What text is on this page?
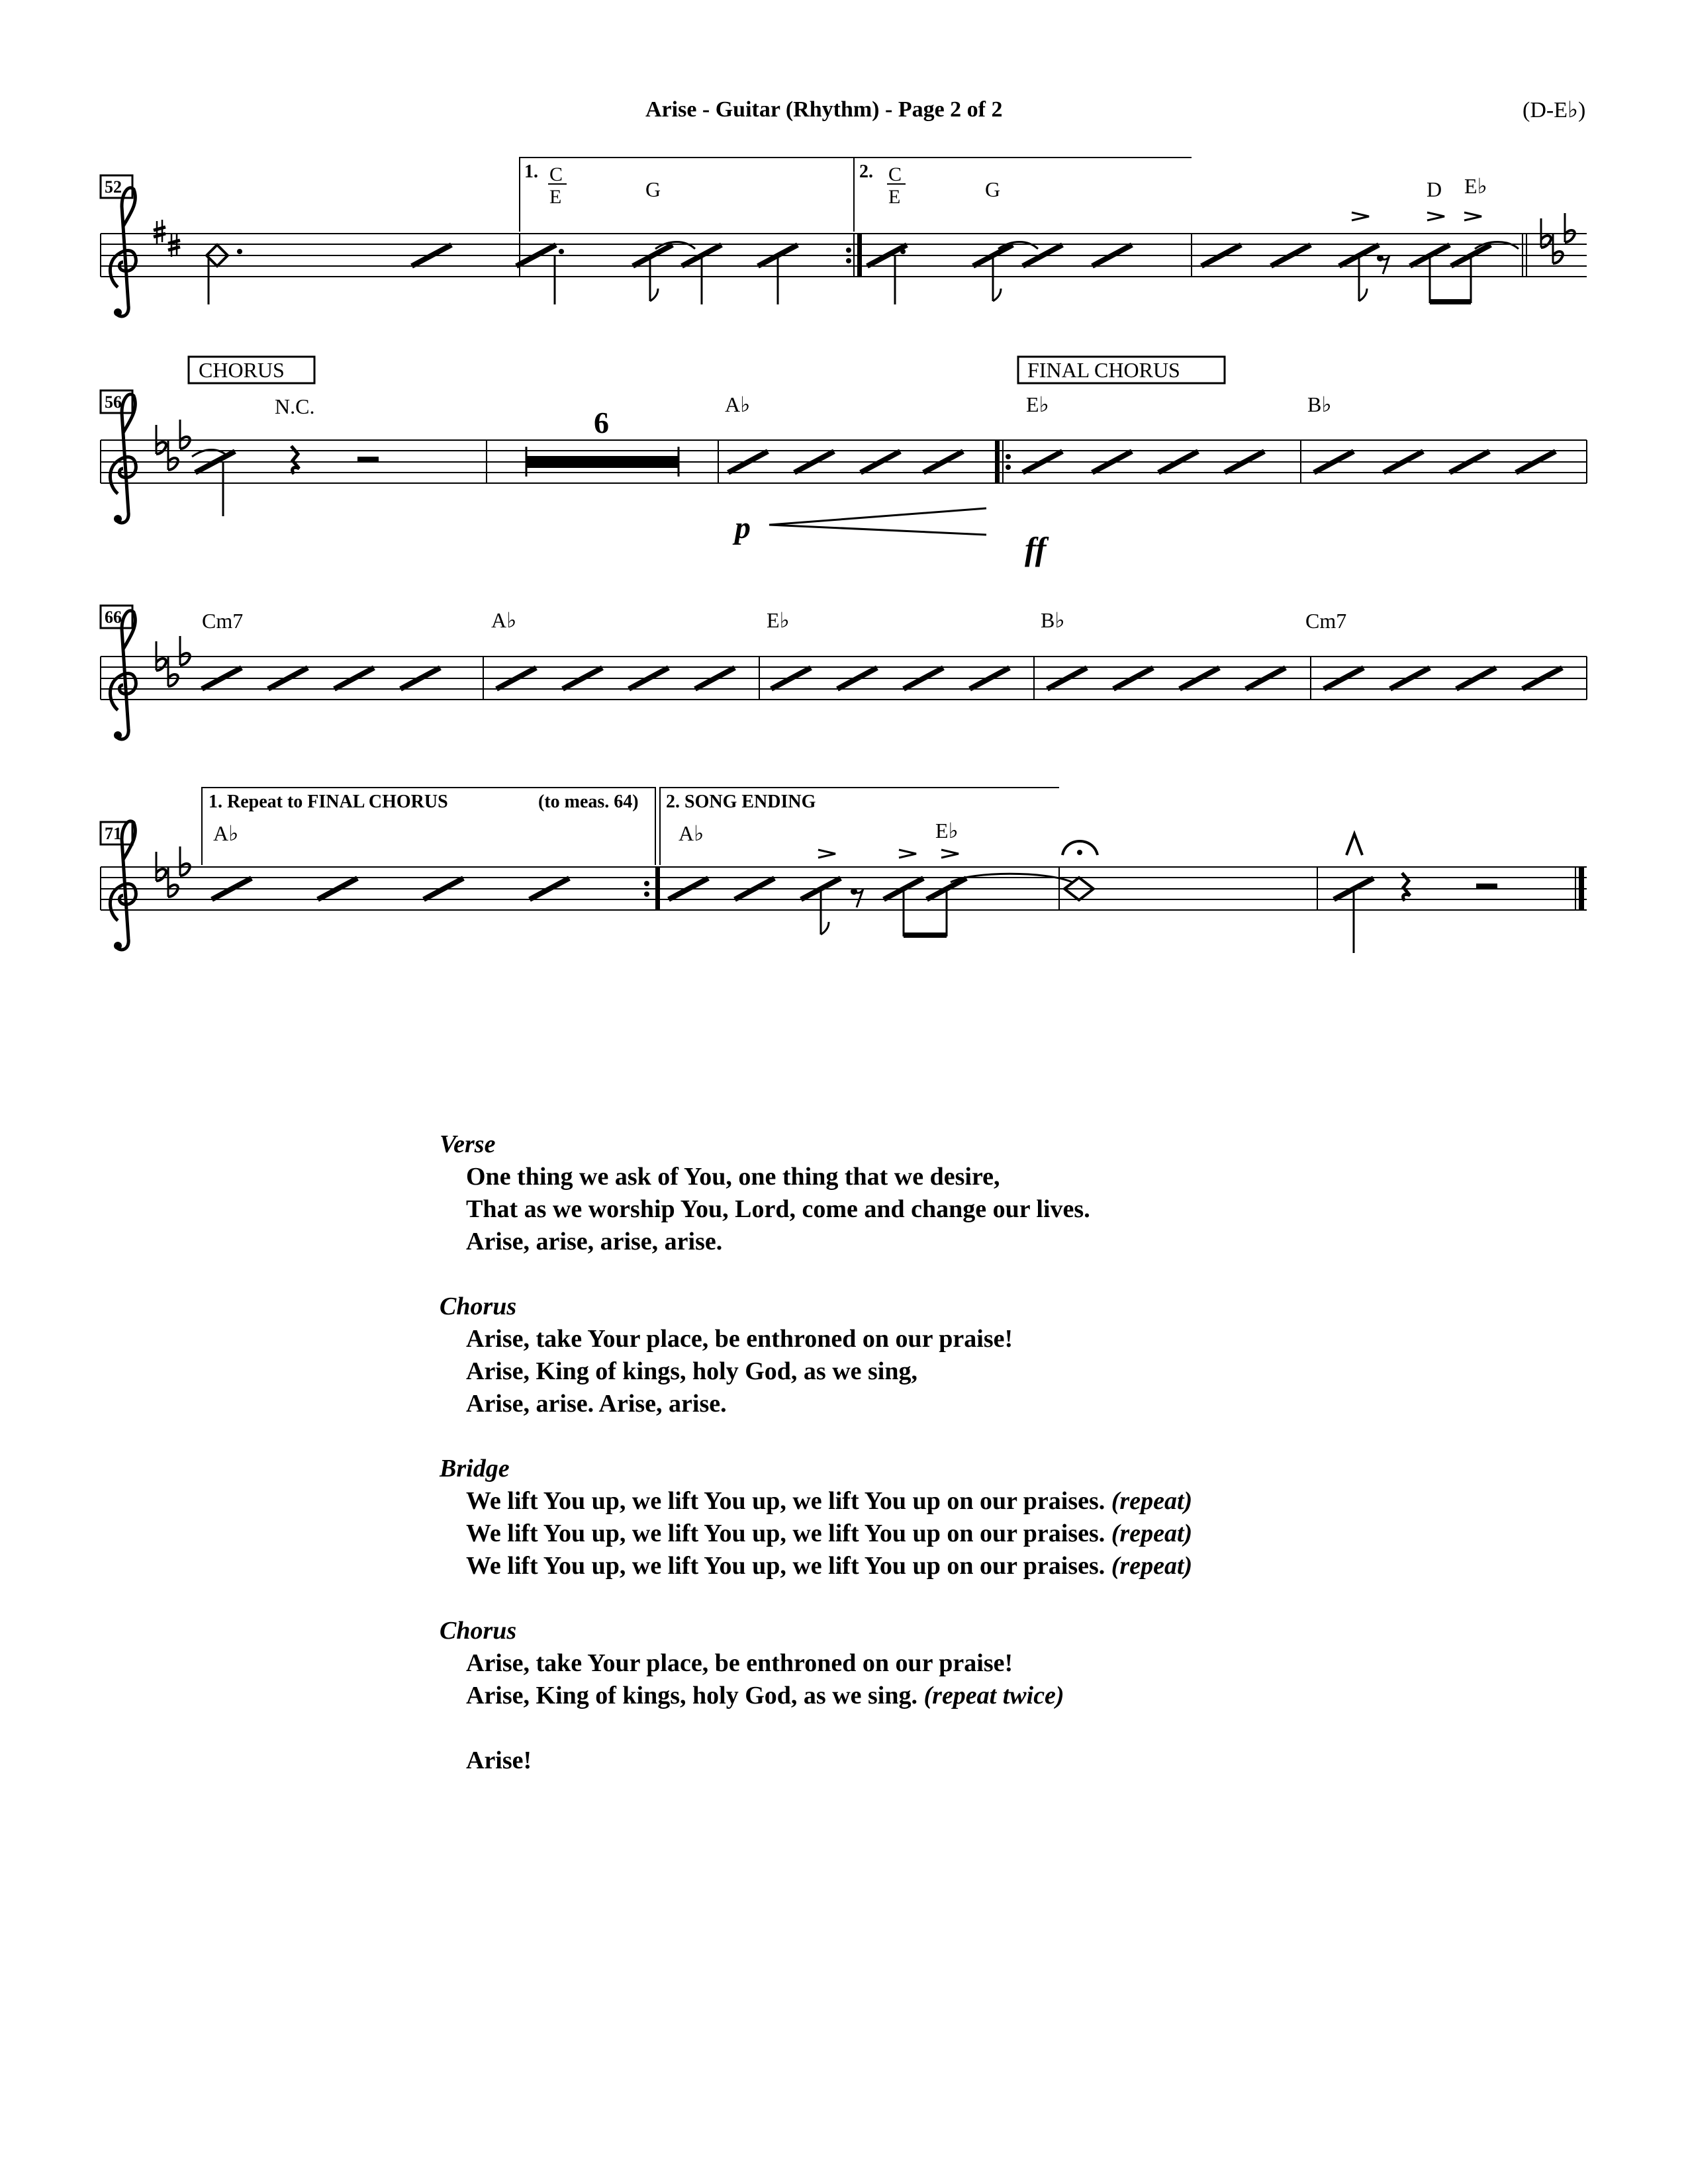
Arise - Guitar (Rhythm) - Page 2 of 2	(D-E♭)
52
56
66
71
1.	2.
C
E	G
C
E	G	D E♭
CHORUS	FINAL CHORUS
N.C.	A♭	E♭	B♭
6
p
ff
Cm7	A♭	E♭	B♭	Cm7
1. Repeat to FINAL CHORUS	(to meas. 64) 2. SONG ENDING
A♭	A♭	E♭
Verse
One thing we ask of You, one thing that we desire,
That as we worship You, Lord, come and change our lives.
Arise, arise, arise, arise.
Chorus
Arise, take Your place, be enthroned on our praise!
Arise, King of kings, holy God, as we sing,
Arise, arise. Arise, arise.
Bridge
We lift You up, we lift You up, we lift You up on our praises. (repeat)
We lift You up, we lift You up, we lift You up on our praises. (repeat)
We lift You up, we lift You up, we lift You up on our praises. (repeat)
Chorus
Arise, take Your place, be enthroned on our praise!
Arise, King of kings, holy God, as we sing. (repeat twice)
Arise!
